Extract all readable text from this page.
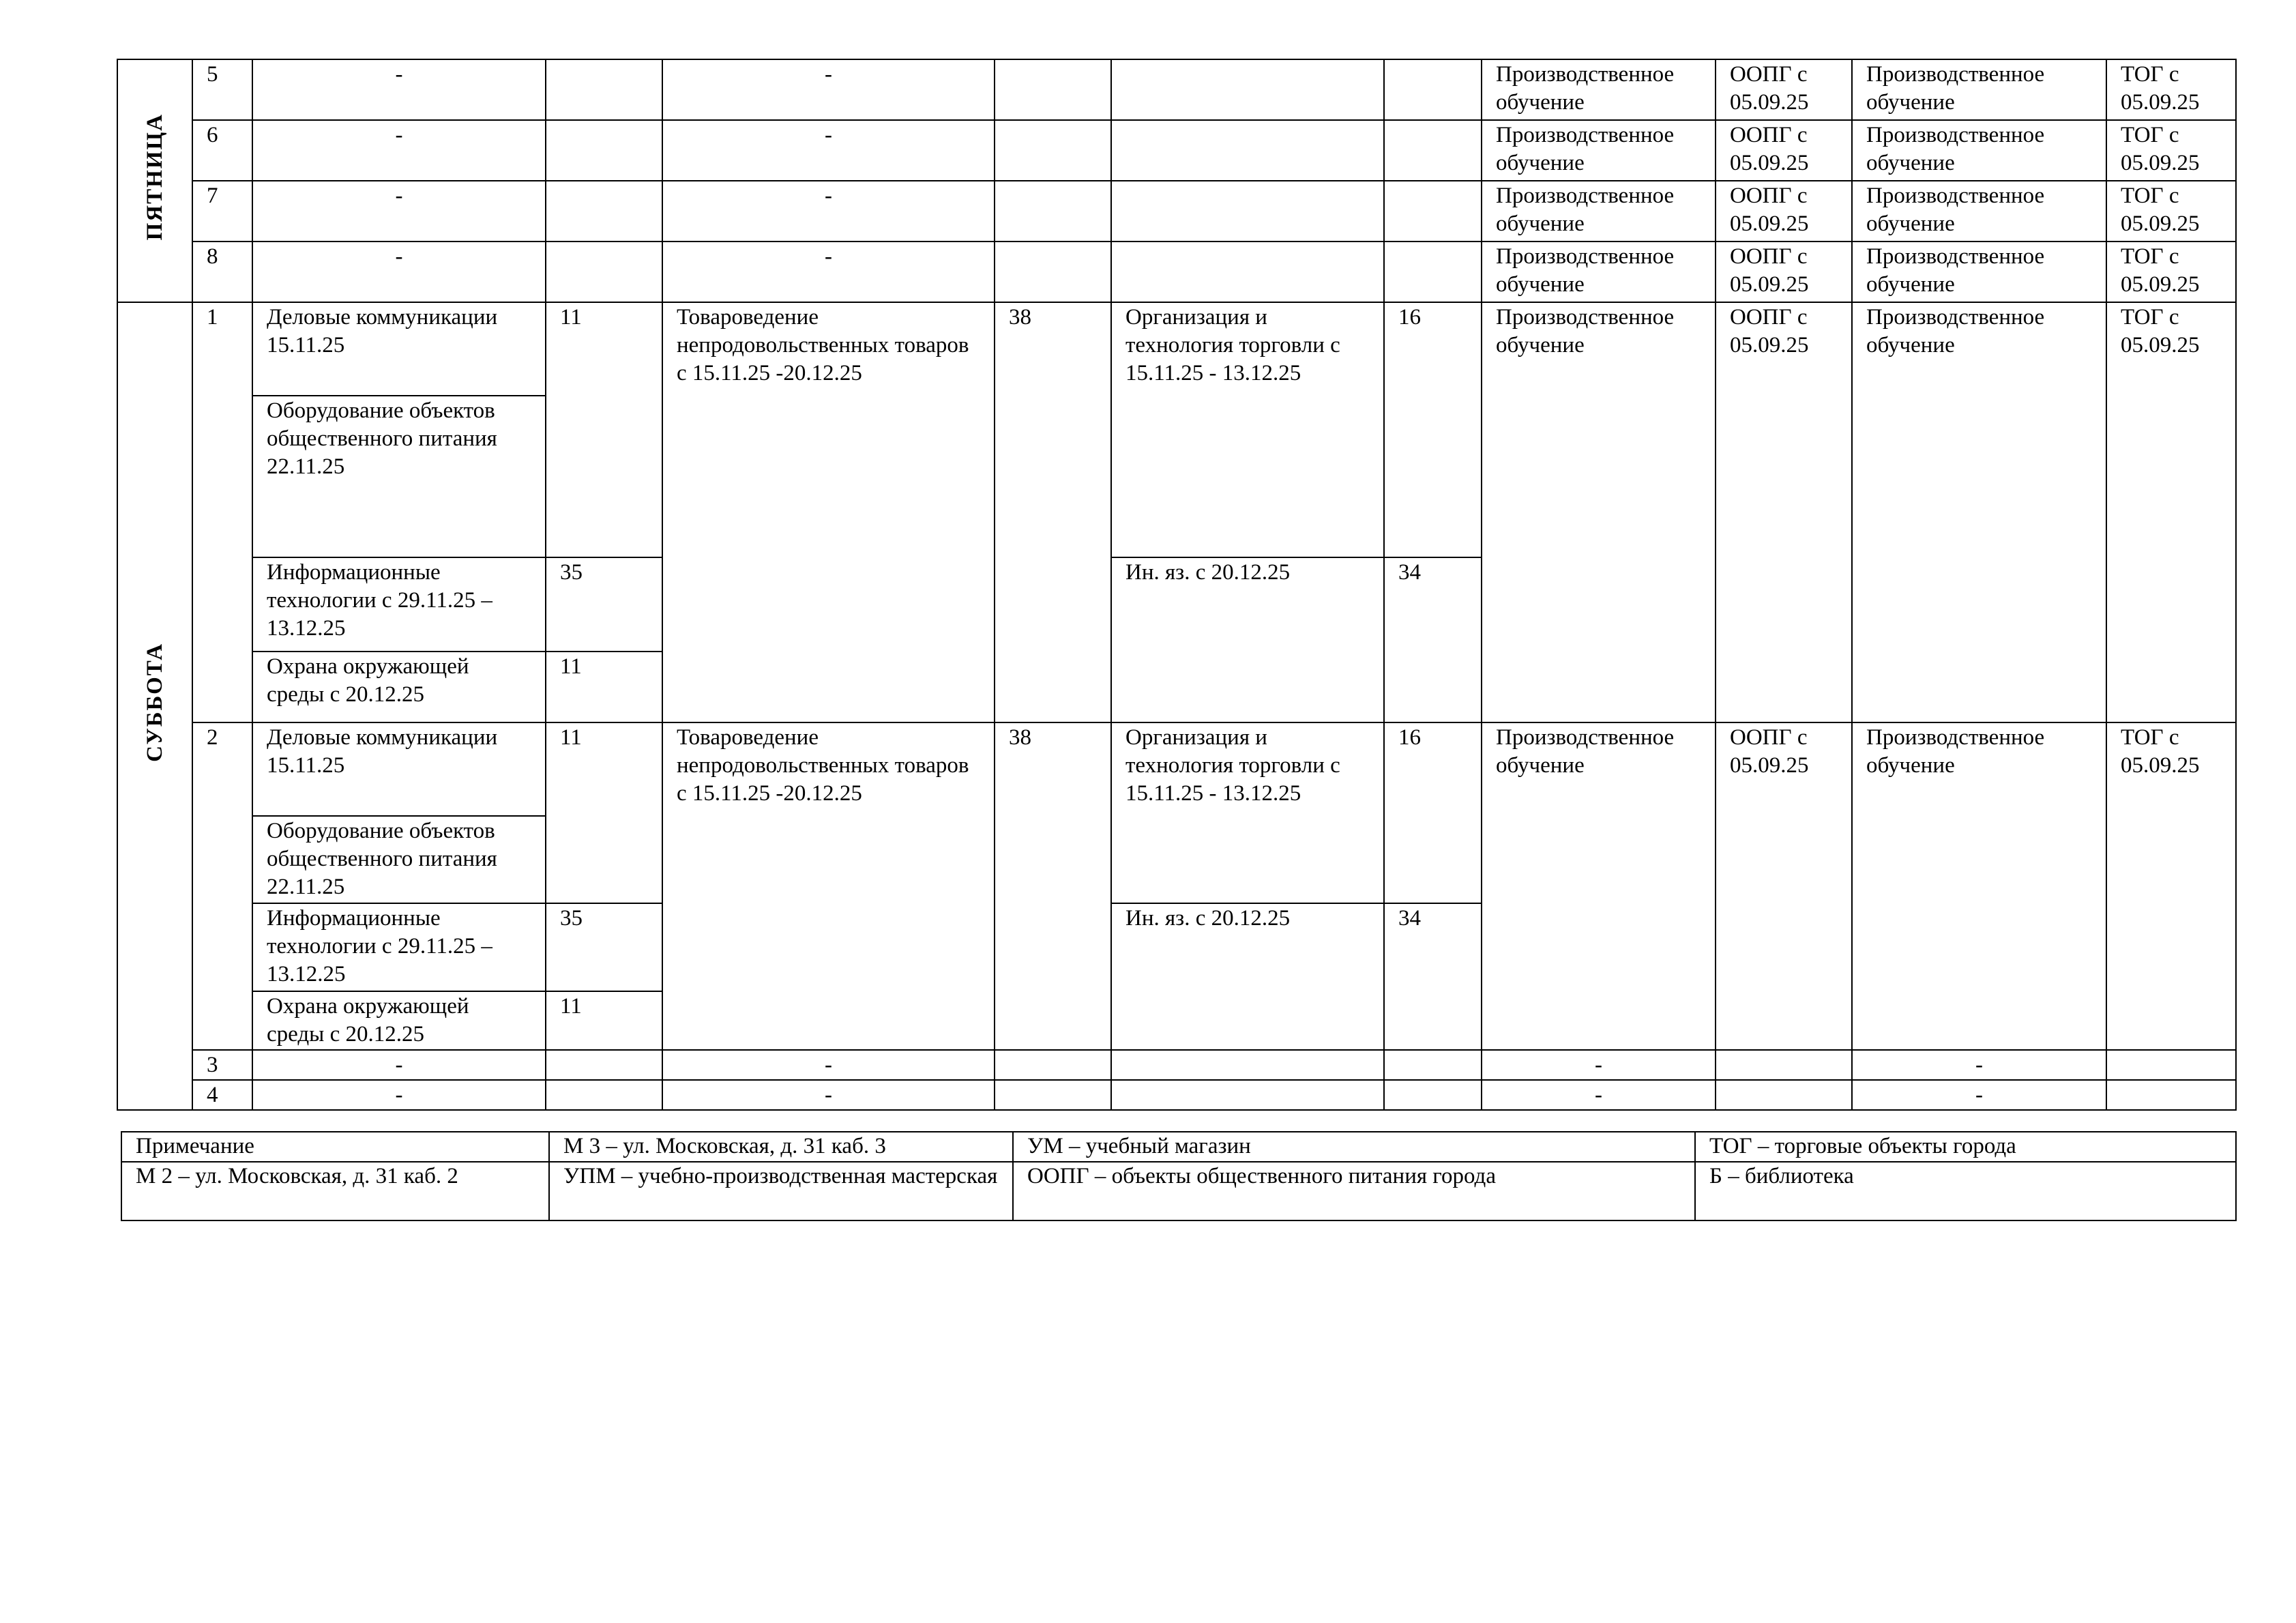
ПЯТНИЦА	5	-		-				Производственное обучение	ООПГ с 05.09.25	Производственное обучение	ТОГ с 05.09.25
	6	-		-				Производственное обучение	ООПГ с 05.09.25	Производственное обучение	ТОГ с 05.09.25
	7	-		-				Производственное обучение	ООПГ с 05.09.25	Производственное обучение	ТОГ с 05.09.25
	8	-		-				Производственное обучение	ООПГ с 05.09.25	Производственное обучение	ТОГ с 05.09.25
СУББОТА	1	Деловые коммуникации 15.11.25	11	Товароведение непродовольственных товаров с 15.11.25 -20.12.25	38	Организация и технология торговли с 15.11.25 - 13.12.25	16	Производственное обучение	ООПГ с 05.09.25	Производственное обучение	ТОГ с 05.09.25
		Оборудование объектов общественного питания 22.11.25									
		Информационные технологии с 29.11.25 – 13.12.25	35			Ин. яз. с 20.12.25	34				
		Охрана окружающей среды с 20.12.25	11								
	2	Деловые коммуникации 15.11.25	11	Товароведение непродовольственных товаров с 15.11.25 -20.12.25	38	Организация и технология торговли с 15.11.25 - 13.12.25	16	Производственное обучение	ООПГ с 05.09.25	Производственное обучение	ТОГ с 05.09.25
		Оборудование объектов общественного питания 22.11.25									
		Информационные технологии с 29.11.25 – 13.12.25	35			Ин. яз. с 20.12.25	34				
		Охрана окружающей среды с 20.12.25	11								
	3	-		-				-		-	
	4	-		-				-		-	
Примечание	М 3 – ул. Московская, д. 31 каб. 3	УМ – учебный магазин	ТОГ – торговые объекты города
М 2 – ул. Московская, д. 31 каб. 2	УПМ – учебно-производственная мастерская	ООПГ – объекты общественного питания города	Б – библиотека
